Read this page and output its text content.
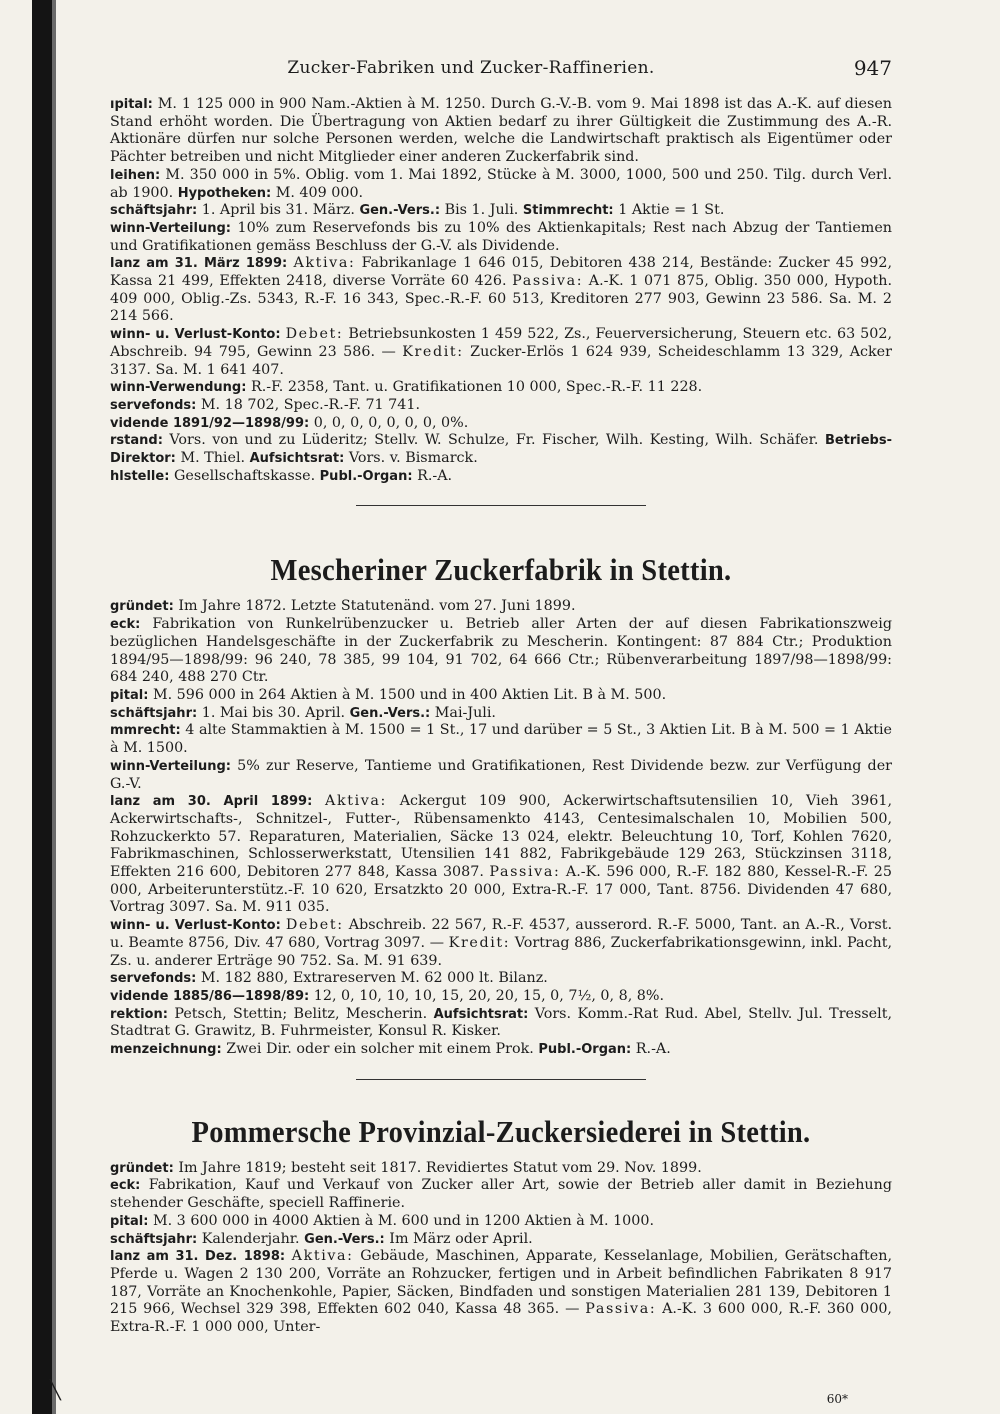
Zucker-Fabriken und Zucker-Raffinerien.	947

ıpital: M. 1 125 000 in 900 Nam.-Aktien à M. 1250. Durch G.-V.-B. vom 9. Mai 1898 ist das A.-K. auf diesen Stand erhöht worden. Die Übertragung von Aktien bedarf zu ihrer Gültigkeit die Zustimmung des A.-R. Aktionäre dürfen nur solche Personen werden, welche die Landwirtschaft praktisch als Eigentümer oder Pächter betreiben und nicht Mitglieder einer anderen Zuckerfabrik sind.

leihen: M. 350 000 in 5%. Oblig. vom 1. Mai 1892, Stücke à M. 3000, 1000, 500 und 250. Tilg. durch Verl. ab 1900. Hypotheken: M. 409 000.

schäftsjahr: 1. April bis 31. März. Gen.-Vers.: Bis 1. Juli. Stimmrecht: 1 Aktie = 1 St.

winn-Verteilung: 10% zum Reservefonds bis zu 10% des Aktienkapitals; Rest nach Abzug der Tantiemen und Gratifikationen gemäss Beschluss der G.-V. als Dividende.

lanz am 31. März 1899: Aktiva: Fabrikanlage 1 646 015, Debitoren 438 214, Bestände: Zucker 45 992, Kassa 21 499, Effekten 2418, diverse Vorräte 60 426. Passiva: A.-K. 1 071 875, Oblig. 350 000, Hypoth. 409 000, Oblig.-Zs. 5343, R.-F. 16 343, Spec.-R.-F. 60 513, Kreditoren 277 903, Gewinn 23 586. Sa. M. 2 214 566.

winn- u. Verlust-Konto: Debet: Betriebsunkosten 1 459 522, Zs., Feuerversicherung, Steuern etc. 63 502, Abschreib. 94 795, Gewinn 23 586. — Kredit: Zucker-Erlös 1 624 939, Scheideschlamm 13 329, Acker 3137. Sa. M. 1 641 407.

winn-Verwendung: R.-F. 2358, Tant. u. Gratifikationen 10 000, Spec.-R.-F. 11 228.

servefonds: M. 18 702, Spec.-R.-F. 71 741.

vidende 1891/92—1898/99: 0, 0, 0, 0, 0, 0, 0, 0%.

rstand: Vors. von und zu Lüderitz; Stellv. W. Schulze, Fr. Fischer, Wilh. Kesting, Wilh. Schäfer. Betriebs-Direktor: M. Thiel. Aufsichtsrat: Vors. v. Bismarck.

hlstelle: Gesellschaftskasse. Publ.-Organ: R.-A.

Mescheriner Zuckerfabrik in Stettin.

gründet: Im Jahre 1872. Letzte Statutenänd. vom 27. Juni 1899.

eck: Fabrikation von Runkelrübenzucker u. Betrieb aller Arten der auf diesen Fabrikationszweig bezüglichen Handelsgeschäfte in der Zuckerfabrik zu Mescherin. Kontingent: 87 884 Ctr.; Produktion 1894/95—1898/99: 96 240, 78 385, 99 104, 91 702, 64 666 Ctr.; Rübenverarbeitung 1897/98—1898/99: 684 240, 488 270 Ctr.

pital: M. 596 000 in 264 Aktien à M. 1500 und in 400 Aktien Lit. B à M. 500.

schäftsjahr: 1. Mai bis 30. April. Gen.-Vers.: Mai-Juli.

mmrecht: 4 alte Stammaktien à M. 1500 = 1 St., 17 und darüber = 5 St., 3 Aktien Lit. B à M. 500 = 1 Aktie à M. 1500.

winn-Verteilung: 5% zur Reserve, Tantieme und Gratifikationen, Rest Dividende bezw. zur Verfügung der G.-V.

lanz am 30. April 1899: Aktiva: Ackergut 109 900, Ackerwirtschaftsutensilien 10, Vieh 3961, Ackerwirtschafts-, Schnitzel-, Futter-, Rübensamenkto 4143, Centesimalschalen 10, Mobilien 500, Rohzuckerkto 57. Reparaturen, Materialien, Säcke 13 024, elektr. Beleuchtung 10, Torf, Kohlen 7620, Fabrikmaschinen, Schlosserwerkstatt, Utensilien 141 882, Fabrikgebäude 129 263, Stückzinsen 3118, Effekten 216 600, Debitoren 277 848, Kassa 3087. Passiva: A.-K. 596 000, R.-F. 182 880, Kessel-R.-F. 25 000, Arbeiterunterstütz.-F. 10 620, Ersatzkto 20 000, Extra-R.-F. 17 000, Tant. 8756. Dividenden 47 680, Vortrag 3097. Sa. M. 911 035.

winn- u. Verlust-Konto: Debet: Abschreib. 22 567, R.-F. 4537, ausserord. R.-F. 5000, Tant. an A.-R., Vorst. u. Beamte 8756, Div. 47 680, Vortrag 3097. — Kredit: Vortrag 886, Zuckerfabrikationsgewinn, inkl. Pacht, Zs. u. anderer Erträge 90 752. Sa. M. 91 639.

servefonds: M. 182 880, Extrareserven M. 62 000 lt. Bilanz.

vidende 1885/86—1898/89: 12, 0, 10, 10, 10, 15, 20, 20, 15, 0, 7½, 0, 8, 8%.

rektion: Petsch, Stettin; Belitz, Mescherin. Aufsichtsrat: Vors. Komm.-Rat Rud. Abel, Stellv. Jul. Tresselt, Stadtrat G. Grawitz, B. Fuhrmeister, Konsul R. Kisker.

menzeichnung: Zwei Dir. oder ein solcher mit einem Prok. Publ.-Organ: R.-A.

Pommersche Provinzial-Zuckersiederei in Stettin.

gründet: Im Jahre 1819; besteht seit 1817. Revidiertes Statut vom 29. Nov. 1899.

eck: Fabrikation, Kauf und Verkauf von Zucker aller Art, sowie der Betrieb aller damit in Beziehung stehender Geschäfte, speciell Raffinerie.

pital: M. 3 600 000 in 4000 Aktien à M. 600 und in 1200 Aktien à M. 1000.

schäftsjahr: Kalenderjahr. Gen.-Vers.: Im März oder April.

lanz am 31. Dez. 1898: Aktiva: Gebäude, Maschinen, Apparate, Kesselanlage, Mobilien, Gerätschaften, Pferde u. Wagen 2 130 200, Vorräte an Rohzucker, fertigen und in Arbeit befindlichen Fabrikaten 8 917 187, Vorräte an Knochenkohle, Papier, Säcken, Bindfaden und sonstigen Materialien 281 139, Debitoren 1 215 966, Wechsel 329 398, Effekten 602 040, Kassa 48 365. — Passiva: A.-K. 3 600 000, R.-F. 360 000, Extra-R.-F. 1 000 000, Unter-

60*
╲
